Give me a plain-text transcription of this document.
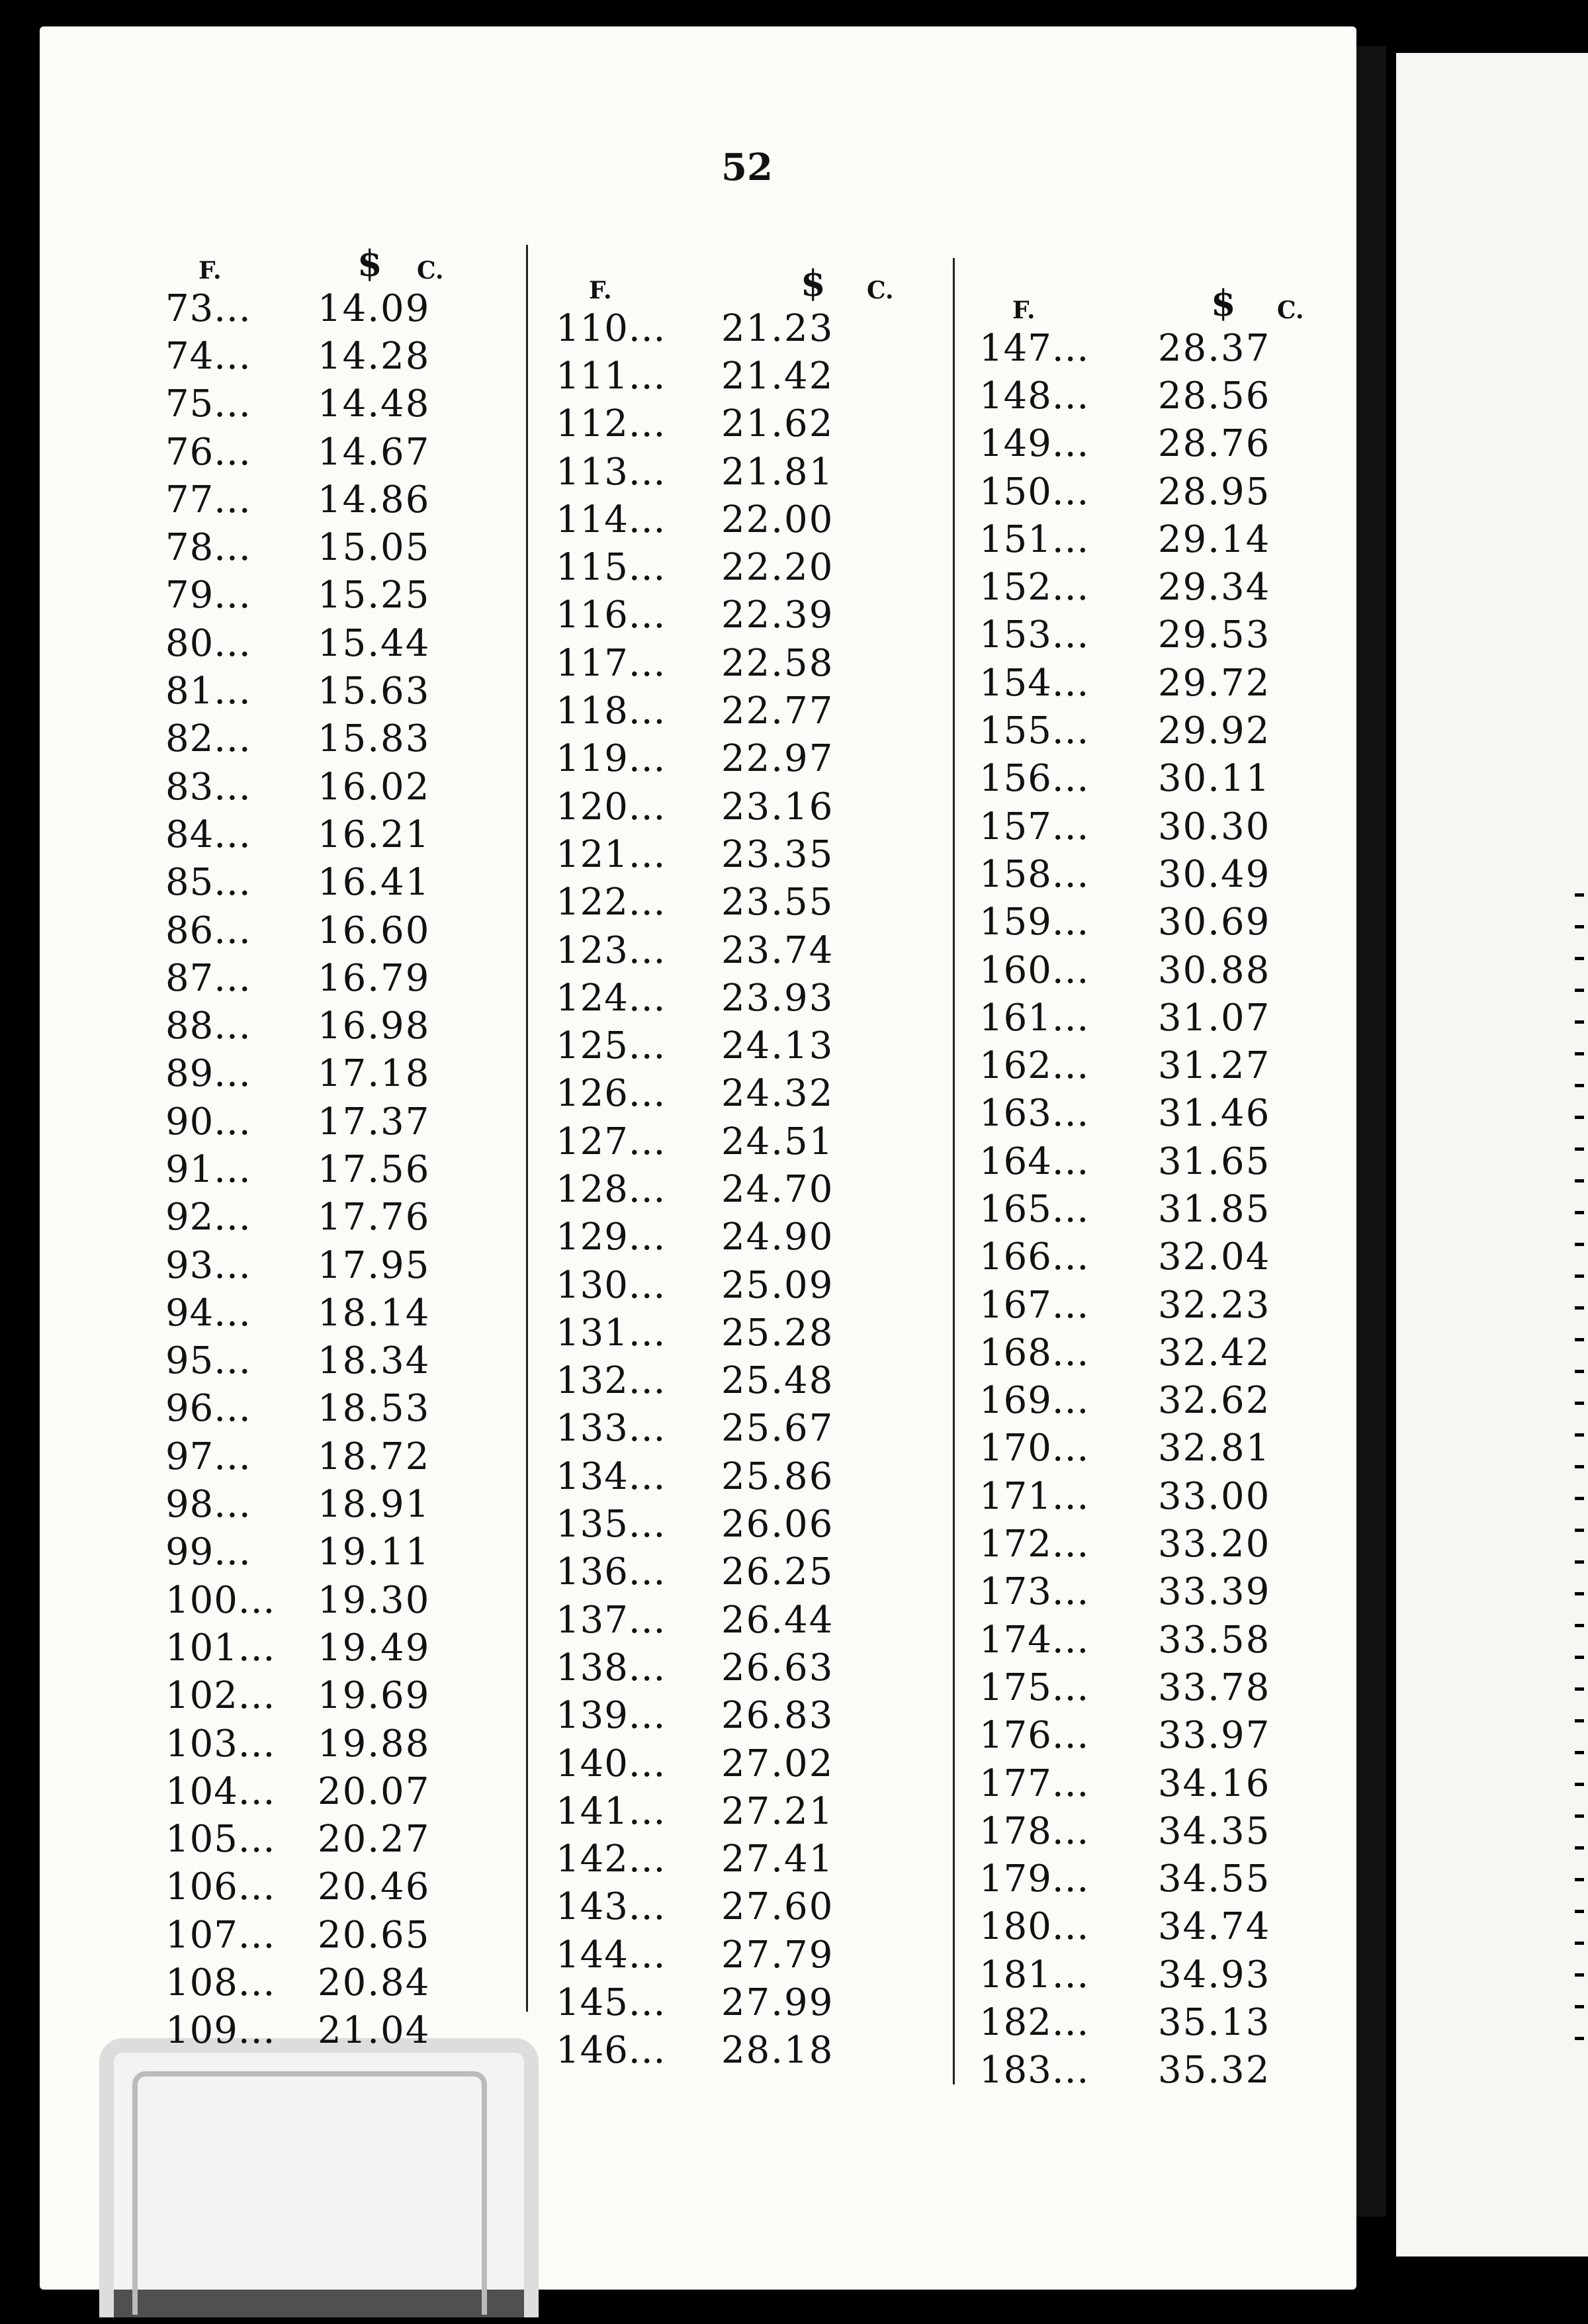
52
F.	$ C.
73... 14.09
74... 14.28
75... 14.48
76... 14.67
77... 14.86
78... 15.05
79... 15.25
80... 15.44
81... 15.63
82... 15.83
83... 16.02
84... 16.21
85... 16.41
86... 16.60
87... 16.79
88... 16.98
89... 17.18
90... 17.37
91... 17.56
92... 17.76
93... 17.95
94... 18.14
95... 18.34
96... 18.53
97... 18.72
98... 18.91
99... 19.11
100... 19.30
101... 19.49
102... 19.69
103... 19.88
104... 20.07
105... 20.27
106... 20.46
107... 20.65
108... 20.84
109... 21.04
F.	$ C.
110... 21.23
111... 21.42
112... 21.62
113... 21.81
114... 22.00
115... 22.20
116... 22.39
117... 22.58
118... 22.77
119... 22.97
120... 23.16
121... 23.35
122... 23.55
123... 23.74
124... 23.93
125... 24.13
126... 24.32
127... 24.51
128... 24.70
129... 24.90
130... 25.09
131... 25.28
132... 25.48
133... 25.67
134... 25.86
135... 26.06
136... 26.25
137... 26.44
138... 26.63
139... 26.83
140... 27.02
141... 27.21
142... 27.41
143... 27.60
144... 27.79
145... 27.99
146... 28.18
F.	$ C.
147... 28.37
148... 28.56
149... 28.76
150... 28.95
151... 29.14
152... 29.34
153... 29.53
154... 29.72
155... 29.92
156... 30.11
157... 30.30
158... 30.49
159... 30.69
160... 30.88
161... 31.07
162... 31.27
163... 31.46
164... 31.65
165... 31.85
166... 32.04
167... 32.23
168... 32.42
169... 32.62
170... 32.81
171... 33.00
172... 33.20
173... 33.39
174... 33.58
175... 33.78
176... 33.97
177... 34.16
178... 34.35
179... 34.55
180... 34.74
181... 34.93
182... 35.13
183... 35.32
